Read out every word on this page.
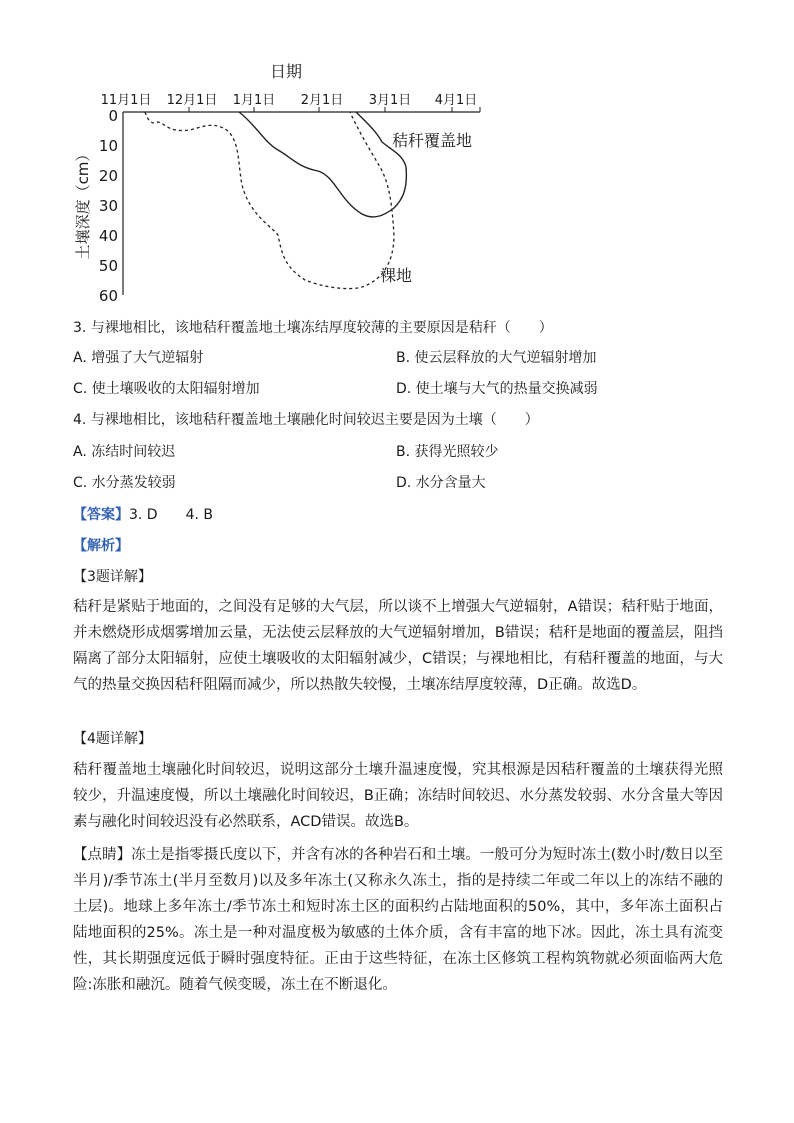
日期
11月1日 12月1日 1月1日 2月1日 3月1日 4月1日
0
10
20
30
40
50
60
土壤深度（cm）
秸秆覆盖地
裸地
3. 与裸地相比，该地秸秆覆盖地土壤冻结厚度较薄的主要原因是秸秆（　　）
A. 增强了大气逆辐射	B. 使云层释放的大气逆辐射增加
C. 使土壤吸收的太阳辐射增加	D. 使土壤与大气的热量交换减弱
4. 与裸地相比，该地秸秆覆盖地土壤融化时间较迟主要是因为土壤（　　）
A. 冻结时间较迟	B. 获得光照较少
C. 水分蒸发较弱	D. 水分含量大
【答案】3. D　　4. B
【解析】
【3题详解】
秸秆是紧贴于地面的，之间没有足够的大气层，所以谈不上增强大气逆辐射，A错误；秸秆贴于地面，并未燃烧形成烟雾增加云量，无法使云层释放的大气逆辐射增加，B错误；秸秆是地面的覆盖层，阻挡隔离了部分太阳辐射，应使土壤吸收的太阳辐射减少，C错误；与裸地相比，有秸秆覆盖的地面，与大气的热量交换因秸秆阻隔而减少，所以热散失较慢，土壤冻结厚度较薄，D正确。故选D。
【4题详解】
秸秆覆盖地土壤融化时间较迟，说明这部分土壤升温速度慢，究其根源是因秸秆覆盖的土壤获得光照较少，升温速度慢，所以土壤融化时间较迟，B正确；冻结时间较迟、水分蒸发较弱、水分含量大等因素与融化时间较迟没有必然联系，ACD错误。故选B。
【点睛】冻土是指零摄氏度以下，并含有冰的各种岩石和土壤。一般可分为短时冻土(数小时/数日以至半月)/季节冻土(半月至数月)以及多年冻土(又称永久冻土，指的是持续二年或二年以上的冻结不融的土层)。地球上多年冻土/季节冻土和短时冻土区的面积约占陆地面积的50%，其中，多年冻土面积占陆地面积的25%。冻土是一种对温度极为敏感的土体介质，含有丰富的地下冰。因此，冻土具有流变性，其长期强度远低于瞬时强度特征。正由于这些特征，在冻土区修筑工程构筑物就必须面临两大危险:冻胀和融沉。随着气候变暖，冻土在不断退化。
